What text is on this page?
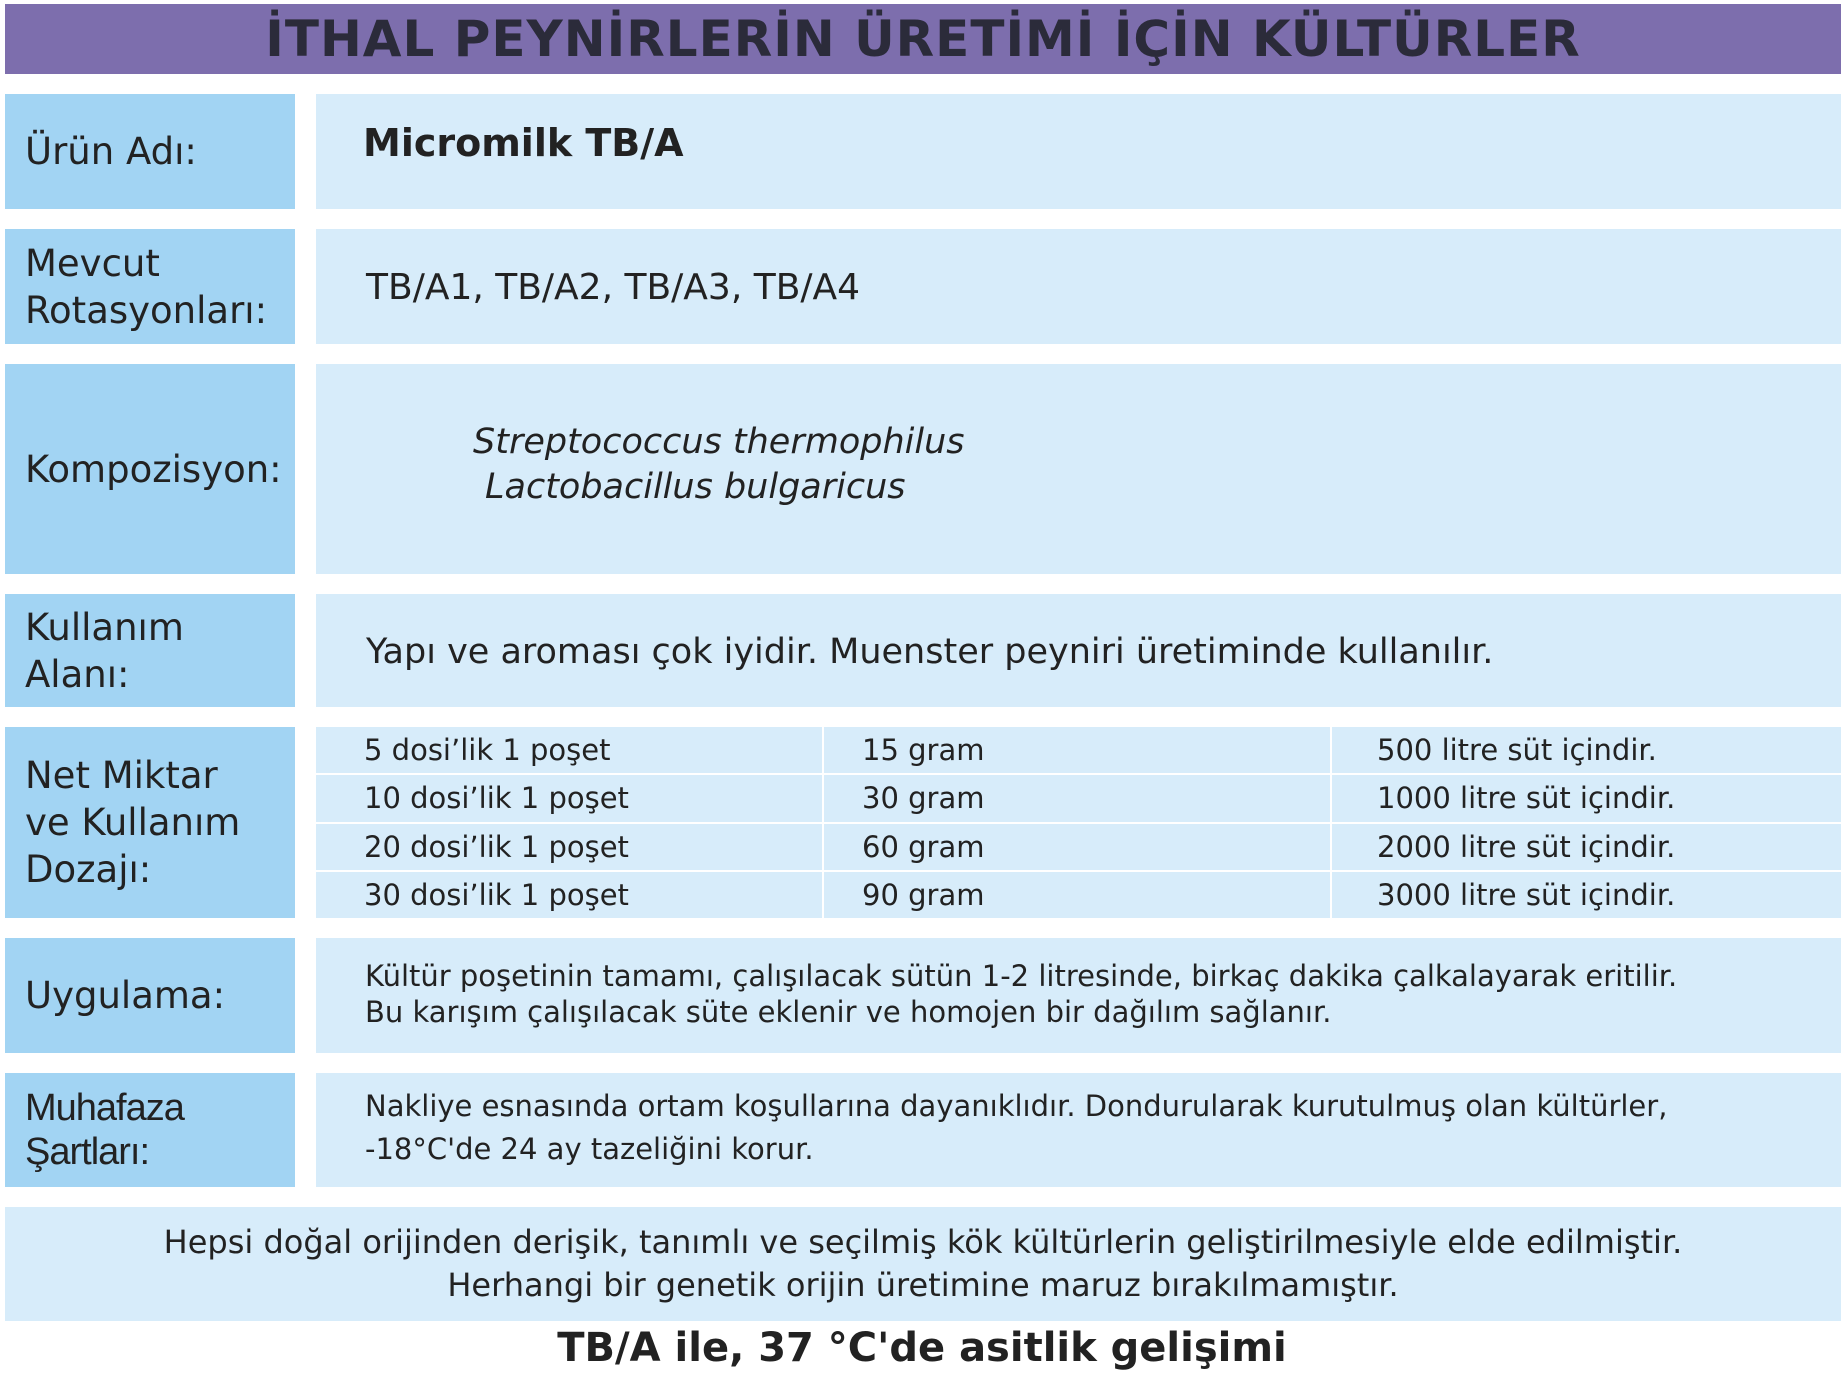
İTHAL PEYNİRLERİN ÜRETİMİ İÇİN KÜLTÜRLER
Ürün Adı:	Micromilk TB/A
Mevcut
Rotasyonları:
TB/A1, TB/A2, TB/A3, TB/A4
Kompozisyon:
Streptococcus thermophilus
Lactobacillus bulgaricus
Kullanım
Alanı:
Yapı ve aroması çok iyidir. Muenster peyniri üretiminde kullanılır.
Net Miktar
ve Kullanım
Dozajı:
5 dosi’lik 1 poşet	15 gram	500 litre süt içindir.
10 dosi’lik 1 poşet	30 gram	1000 litre süt içindir.
20 dosi’lik 1 poşet	60 gram	2000 litre süt içindir.
30 dosi’lik 1 poşet	90 gram	3000 litre süt içindir.
Uygulama:	Kültür poşetinin tamamı, çalışılacak sütün 1-2 litresinde, birkaç dakika çalkalayarak eritilir.
Bu karışım çalışılacak süte eklenir ve homojen bir dağılım sağlanır.
Muhafaza
Şartları:
Nakliye esnasında ortam koşullarına dayanıklıdır. Dondurularak kurutulmuş olan kültürler,
-18°C'de 24 ay tazeliğini korur.
Hepsi doğal orijinden derişik, tanımlı ve seçilmiş kök kültürlerin geliştirilmesiyle elde edilmiştir.
Herhangi bir genetik orijin üretimine maruz bırakılmamıştır.
TB/A ile, 37 °C'de asitlik gelişimi
